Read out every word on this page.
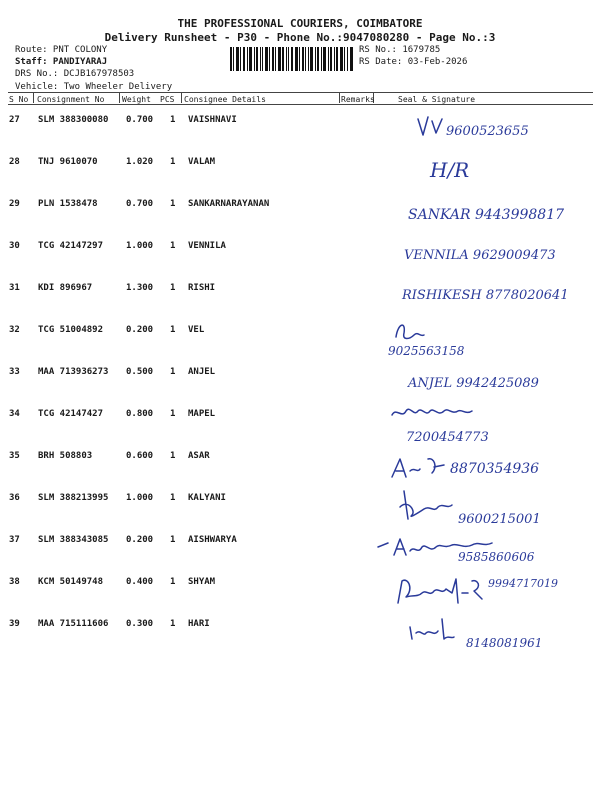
THE PROFESSIONAL COURIERS, COIMBATORE
Delivery Runsheet - P30 - Phone No.:9047080280 - Page No.:3
Route: PNT COLONY
Staff: PANDIYARAJ
DRS No.: DCJB167978503
Vehicle: Two Wheeler Delivery
RS No.: 1679785
RS Date: 03-Feb-2026
S No Consignment No Weight PCS Consignee Details	Remarks	Seal & Signature
27 SLM 388300080 0.700 1 VAISHNAVI
9600523655
28 TNJ 9610070	1.020 1 VALAM	H/R
29 PLN 1538478	0.700 1 SANKARNARAYANAN
SANKAR 9443998817
30 TCG 42147297	1.000 1 VENNILA
VENNILA 9629009473
31 KDI 896967	1.300 1 RISHI	RISHIKESH 8778020641
32 TCG 51004892	0.200 1 VEL
9025563158
33 MAA 713936273 0.500 1 ANJEL
ANJEL 9942425089
34 TCG 42147427	0.800 1 MAPEL
7200454773
35 BRH 508803	0.600 1 ASAR
8870354936
36 SLM 388213995 1.000 1 KALYANI
9600215001
37 SLM 388343085 0.200 1 AISHWARYA
9585860606
38 KCM 50149748	0.400 1 SHYAM	9994717019
39 MAA 715111606 0.300 1 HARI
8148081961
